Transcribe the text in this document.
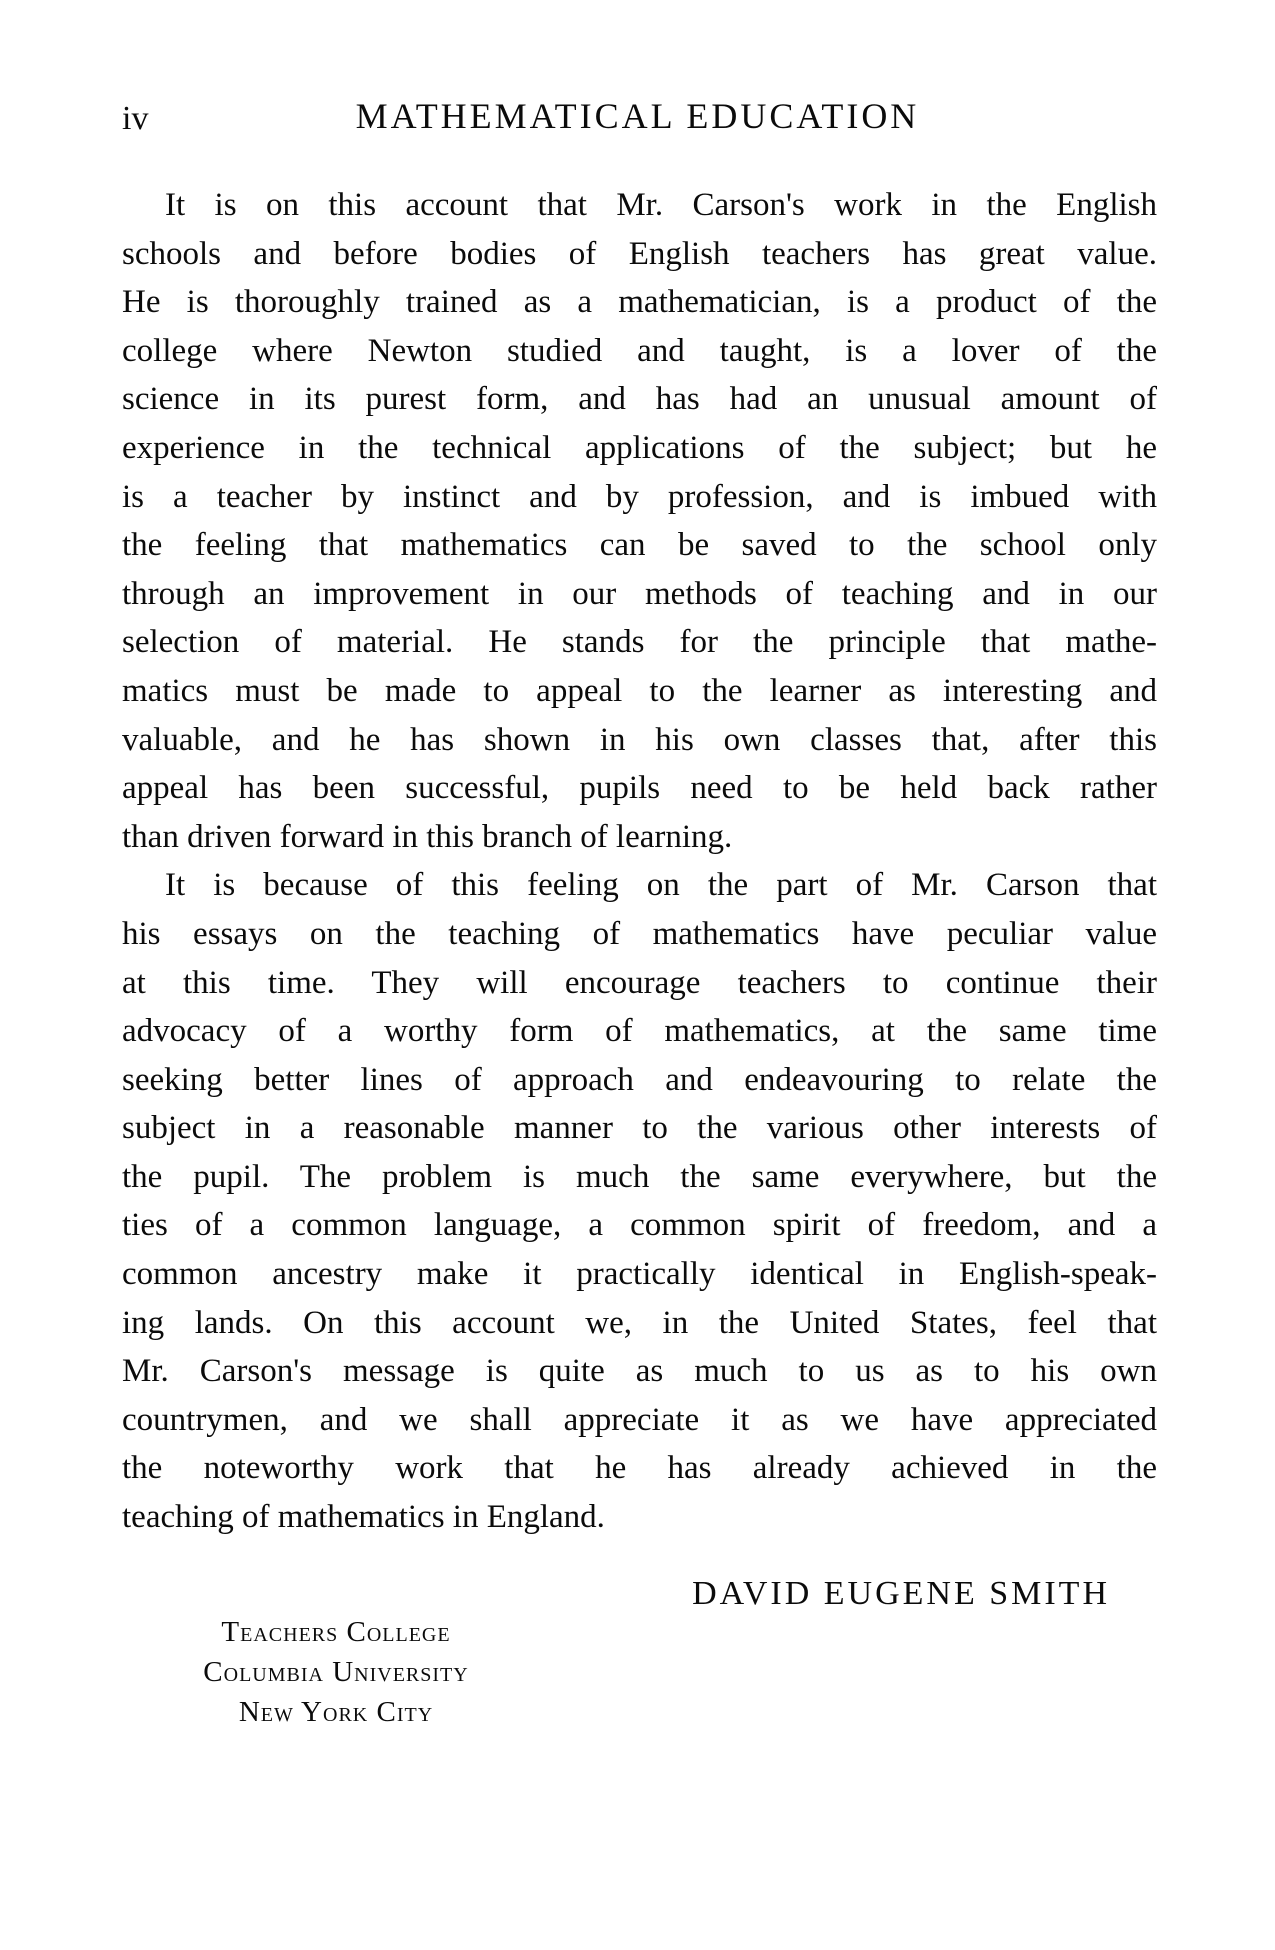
iv	MATHEMATICAL EDUCATION
It is on this account that Mr. Carson's work in the English
schools and before bodies of English teachers has great value.
He is thoroughly trained as a mathematician, is a product of the
college where Newton studied and taught, is a lover of the
science in its purest form, and has had an unusual amount of
experience in the technical applications of the subject; but he
is a teacher by instinct and by profession, and is imbued with
the feeling that mathematics can be saved to the school only
through an improvement in our methods of teaching and in our
selection of material. He stands for the principle that mathe-
matics must be made to appeal to the learner as interesting and
valuable, and he has shown in his own classes that, after this
appeal has been successful, pupils need to be held back rather
than driven forward in this branch of learning.
It is because of this feeling on the part of Mr. Carson that
his essays on the teaching of mathematics have peculiar value
at this time. They will encourage teachers to continue their
advocacy of a worthy form of mathematics, at the same time
seeking better lines of approach and endeavouring to relate the
subject in a reasonable manner to the various other interests of
the pupil. The problem is much the same everywhere, but the
ties of a common language, a common spirit of freedom, and a
common ancestry make it practically identical in English-speak-
ing lands. On this account we, in the United States, feel that
Mr. Carson's message is quite as much to us as to his own
countrymen, and we shall appreciate it as we have appreciated
the noteworthy work that he has already achieved in the
teaching of mathematics in England.
DAVID EUGENE SMITH
Teachers College
Columbia University
New York City
